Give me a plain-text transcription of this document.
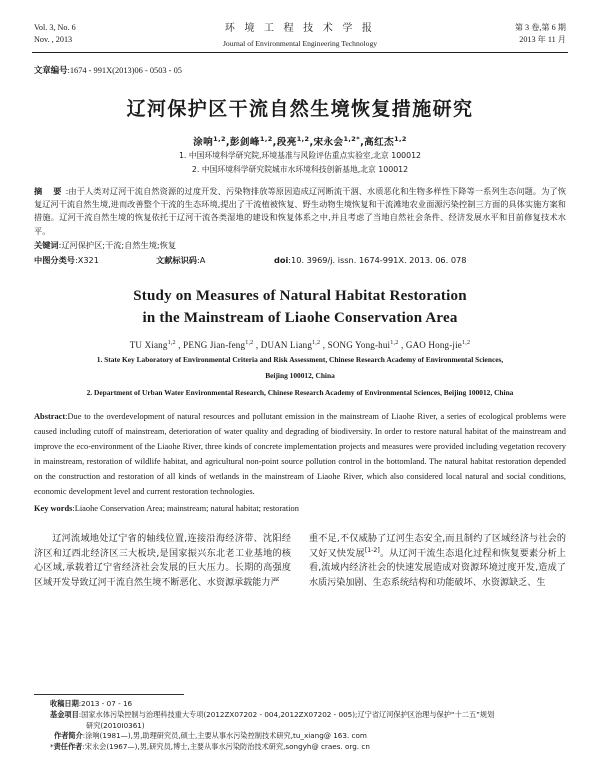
Vol. 3, No. 6
Nov. , 2013
环 境 工 程 技 术 学 报
Journal of Environmental Engineering Technology
第 3 卷,第 6 期
2013 年 11 月
文章编号:1674 - 991X(2013)06 - 0503 - 05
辽河保护区干流自然生境恢复措施研究
涂响$^{1,2}$,彭剑峰$^{1,2}$,段亮$^{1,2}$,宋永会$^{1,2*}$,高红杰$^{1,2}$
1. 中国环境科学研究院,环境基准与风险评估重点实验室,北京 100012
2. 中国环境科学研究院城市水环境科技创新基地,北京 100012
摘 要:由于人类对辽河干流自然资源的过度开发、污染物排放等原因造成辽河断流干涸、水质恶化和生物多样性下降等一系列生态问题。为了恢复辽河干流自然生境,进而改善整个干流的生态环境,提出了干流植被恢复、野生动物生境恢复和干流滩地农业面源污染控制三方面的具体实施方案和措施。辽河干流自然生境的恢复依托于辽河干流各类湿地的建设和恢复体系之中,并且考虑了当地自然社会条件、经济发展水平和目前修复技术水平。
关键词:辽河保护区;干流;自然生境;恢复
中图分类号:X321	文献标识码:A	doi:10. 3969/j. issn. 1674-991X. 2013. 06. 078
Study on Measures of Natural Habitat Restoration
in the Mainstream of Liaohe Conservation Area
TU Xiang$^{1,2}$ , PENG Jian-feng$^{1,2}$ , DUAN Liang$^{1,2}$ , SONG Yong-hui$^{1,2}$ , GAO Hong-jie$^{1,2}$
1. State Key Laboratory of Environmental Criteria and Risk Assessment, Chinese Research Academy of Environmental Sciences,
Beijing 100012, China
2. Department of Urban Water Environmental Research, Chinese Research Academy of Environmental Sciences, Beijing 100012, China
Abstract:Due to the overdevelopment of natural resources and pollutant emission in the mainstream of Liaohe River, a series of ecological problems were caused including cutoff of mainstream, deterioration of water quality and degrading of biodiversity. In order to restore natural habitat of the mainstream and improve the eco-environment of the Liaohe River, three kinds of concrete implementation projects and measures were provided including vegetation recovery in mainstream, restoration of wildlife habitat, and agricultural non-point source pollution control in the bottomland. The natural habitat restoration depended on the construction and restoration of all kinds of wetlands in the mainstream of Liaohe River, which also considered local natural and social conditions, economic development level and current restoration technologies.
Key words:Liaohe Conservation Area; mainstream; natural habitat; restoration

辽河流域地处辽宁省的轴线位置,连接沿海经济带、沈阳经济区和辽西北经济区三大板块,是国家振兴东北老工业基地的核心区域,承载着辽宁省经济社会发展的巨大压力。长期的高强度区域开发导致辽河干流自然生境不断恶化、水资源承载能力严

重不足,不仅威胁了辽河生态安全,而且制约了区域经济与社会的又好又快发展[1-2]。从辽河干流生态退化过程和恢复要素分析上看,流域内经济社会的快速发展造成对资源环境过度开发,造成了水质污染加剧、生态系统结构和功能破坏、水资源缺乏、生

收稿日期:2013 - 07 - 16
基金项目:国家水体污染控制与治理科技重大专项(2012ZX07202 - 004,2012ZX07202 - 005);辽宁省辽河保护区治理与保护“十二五”规划
研究(2010I0361)
作者简介:涂响(1981—),男,助理研究员,硕士,主要从事水污染控制技术研究,tu_xiang@ 163. com
*责任作者:宋永会(1967—),男,研究员,博士,主要从事水污染防治技术研究,songyh@ craes. org. cn
